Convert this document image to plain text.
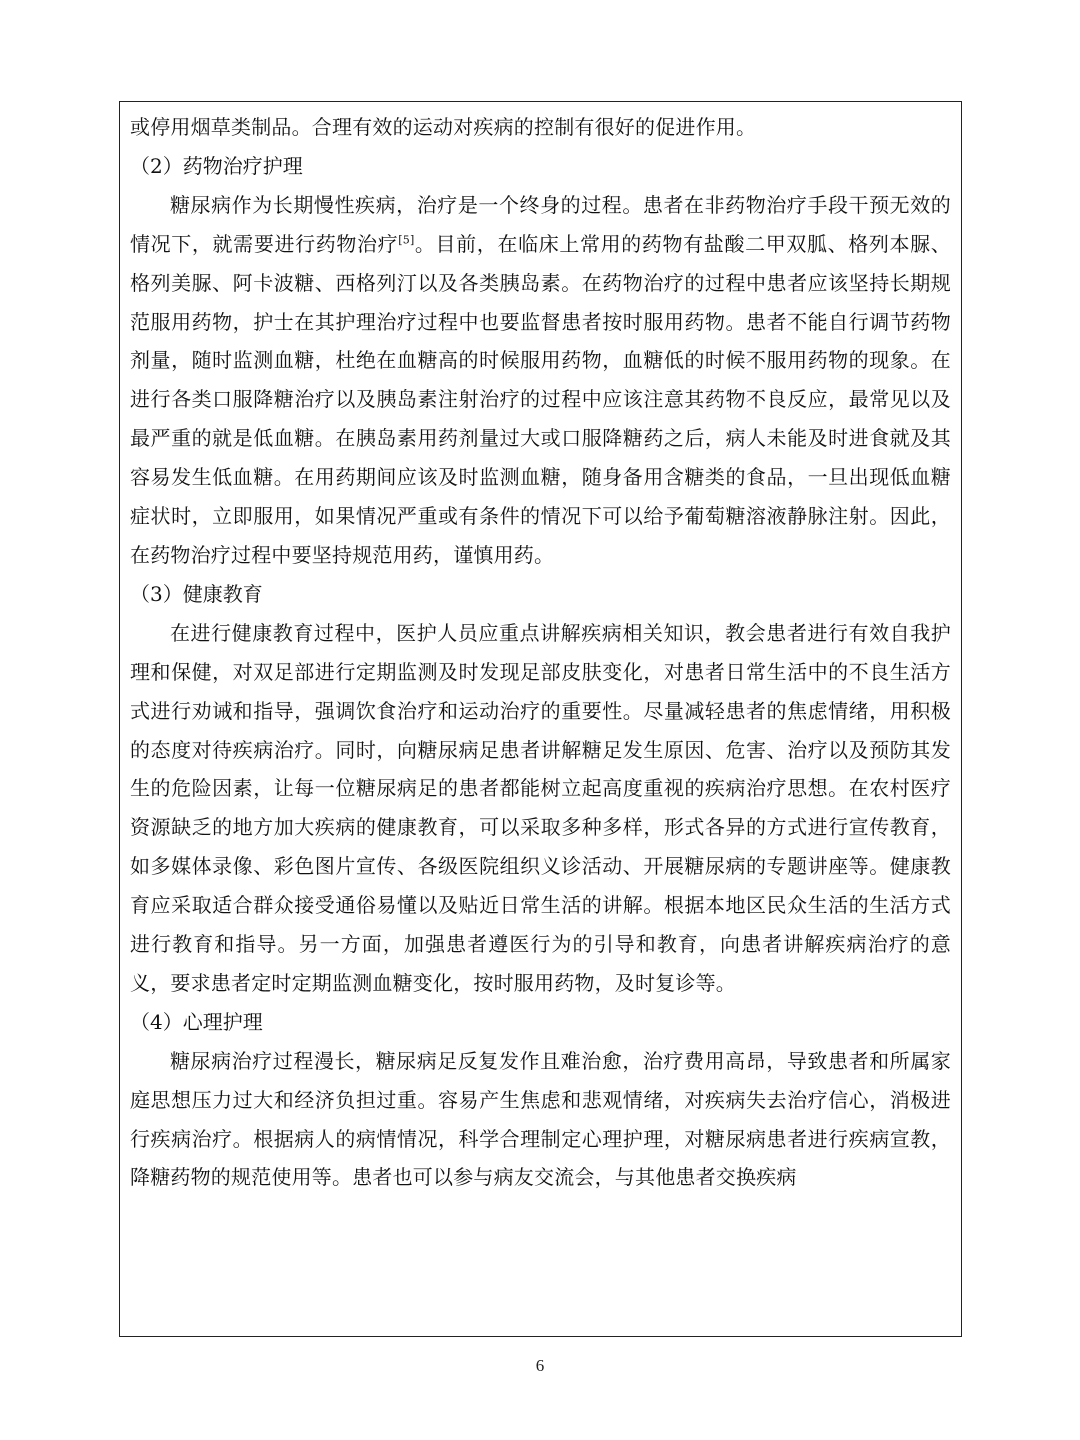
或停用烟草类制品。合理有效的运动对疾病的控制有很好的促进作用。

（2）药物治疗护理

糖尿病作为长期慢性疾病，治疗是一个终身的过程。患者在非药物治疗手段干预无效的情况下，就需要进行药物治疗[5]。目前，在临床上常用的药物有盐酸二甲双胍、格列本脲、格列美脲、阿卡波糖、西格列汀以及各类胰岛素。在药物治疗的过程中患者应该坚持长期规范服用药物，护士在其护理治疗过程中也要监督患者按时服用药物。患者不能自行调节药物剂量，随时监测血糖，杜绝在血糖高的时候服用药物，血糖低的时候不服用药物的现象。在进行各类口服降糖治疗以及胰岛素注射治疗的过程中应该注意其药物不良反应，最常见以及最严重的就是低血糖。在胰岛素用药剂量过大或口服降糖药之后，病人未能及时进食就及其容易发生低血糖。在用药期间应该及时监测血糖，随身备用含糖类的食品，一旦出现低血糖症状时，立即服用，如果情况严重或有条件的情况下可以给予葡萄糖溶液静脉注射。因此，在药物治疗过程中要坚持规范用药，谨慎用药。

（3）健康教育

在进行健康教育过程中，医护人员应重点讲解疾病相关知识，教会患者进行有效自我护理和保健，对双足部进行定期监测及时发现足部皮肤变化，对患者日常生活中的不良生活方式进行劝诫和指导，强调饮食治疗和运动治疗的重要性。尽量减轻患者的焦虑情绪，用积极的态度对待疾病治疗。同时，向糖尿病足患者讲解糖足发生原因、危害、治疗以及预防其发生的危险因素，让每一位糖尿病足的患者都能树立起高度重视的疾病治疗思想。在农村医疗资源缺乏的地方加大疾病的健康教育，可以采取多种多样，形式各异的方式进行宣传教育，如多媒体录像、彩色图片宣传、各级医院组织义诊活动、开展糖尿病的专题讲座等。健康教育应采取适合群众接受通俗易懂以及贴近日常生活的讲解。根据本地区民众生活的生活方式进行教育和指导。另一方面，加强患者遵医行为的引导和教育，向患者讲解疾病治疗的意义，要求患者定时定期监测血糖变化，按时服用药物，及时复诊等。

（4）心理护理

糖尿病治疗过程漫长，糖尿病足反复发作且难治愈，治疗费用高昂，导致患者和所属家庭思想压力过大和经济负担过重。容易产生焦虑和悲观情绪，对疾病失去治疗信心，消极进行疾病治疗。根据病人的病情情况，科学合理制定心理护理，对糖尿病患者进行疾病宣教，降糖药物的规范使用等。患者也可以参与病友交流会，与其他患者交换疾病

6
